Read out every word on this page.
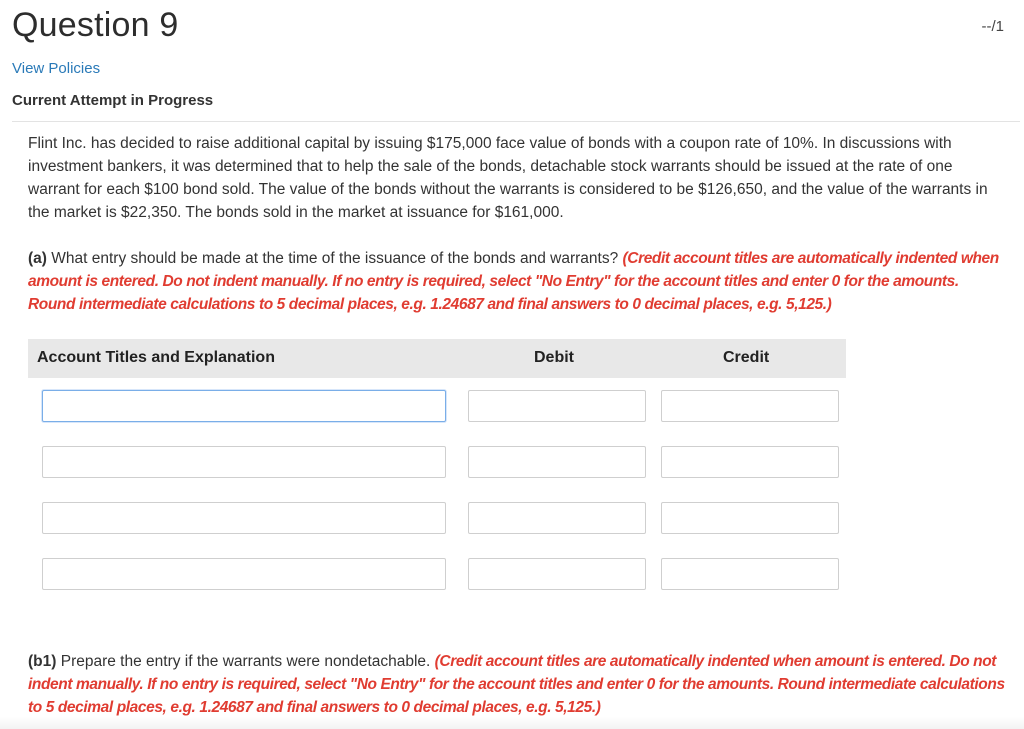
Question 9	--/1
View Policies
Current Attempt in Progress
Flint Inc. has decided to raise additional capital by issuing $175,000 face value of bonds with a coupon rate of 10%. In discussions with investment bankers, it was determined that to help the sale of the bonds, detachable stock warrants should be issued at the rate of one warrant for each $100 bond sold. The value of the bonds without the warrants is considered to be $126,650, and the value of the warrants in the market is $22,350. The bonds sold in the market at issuance for $161,000.
(a) What entry should be made at the time of the issuance of the bonds and warrants? (Credit account titles are automatically indented when amount is entered. Do not indent manually. If no entry is required, select "No Entry" for the account titles and enter 0 for the amounts. Round intermediate calculations to 5 decimal places, e.g. 1.24687 and final answers to 0 decimal places, e.g. 5,125.)
Account Titles and Explanation	Debit	Credit
(b1) Prepare the entry if the warrants were nondetachable. (Credit account titles are automatically indented when amount is entered. Do not indent manually. If no entry is required, select "No Entry" for the account titles and enter 0 for the amounts. Round intermediate calculations to 5 decimal places, e.g. 1.24687 and final answers to 0 decimal places, e.g. 5,125.)
